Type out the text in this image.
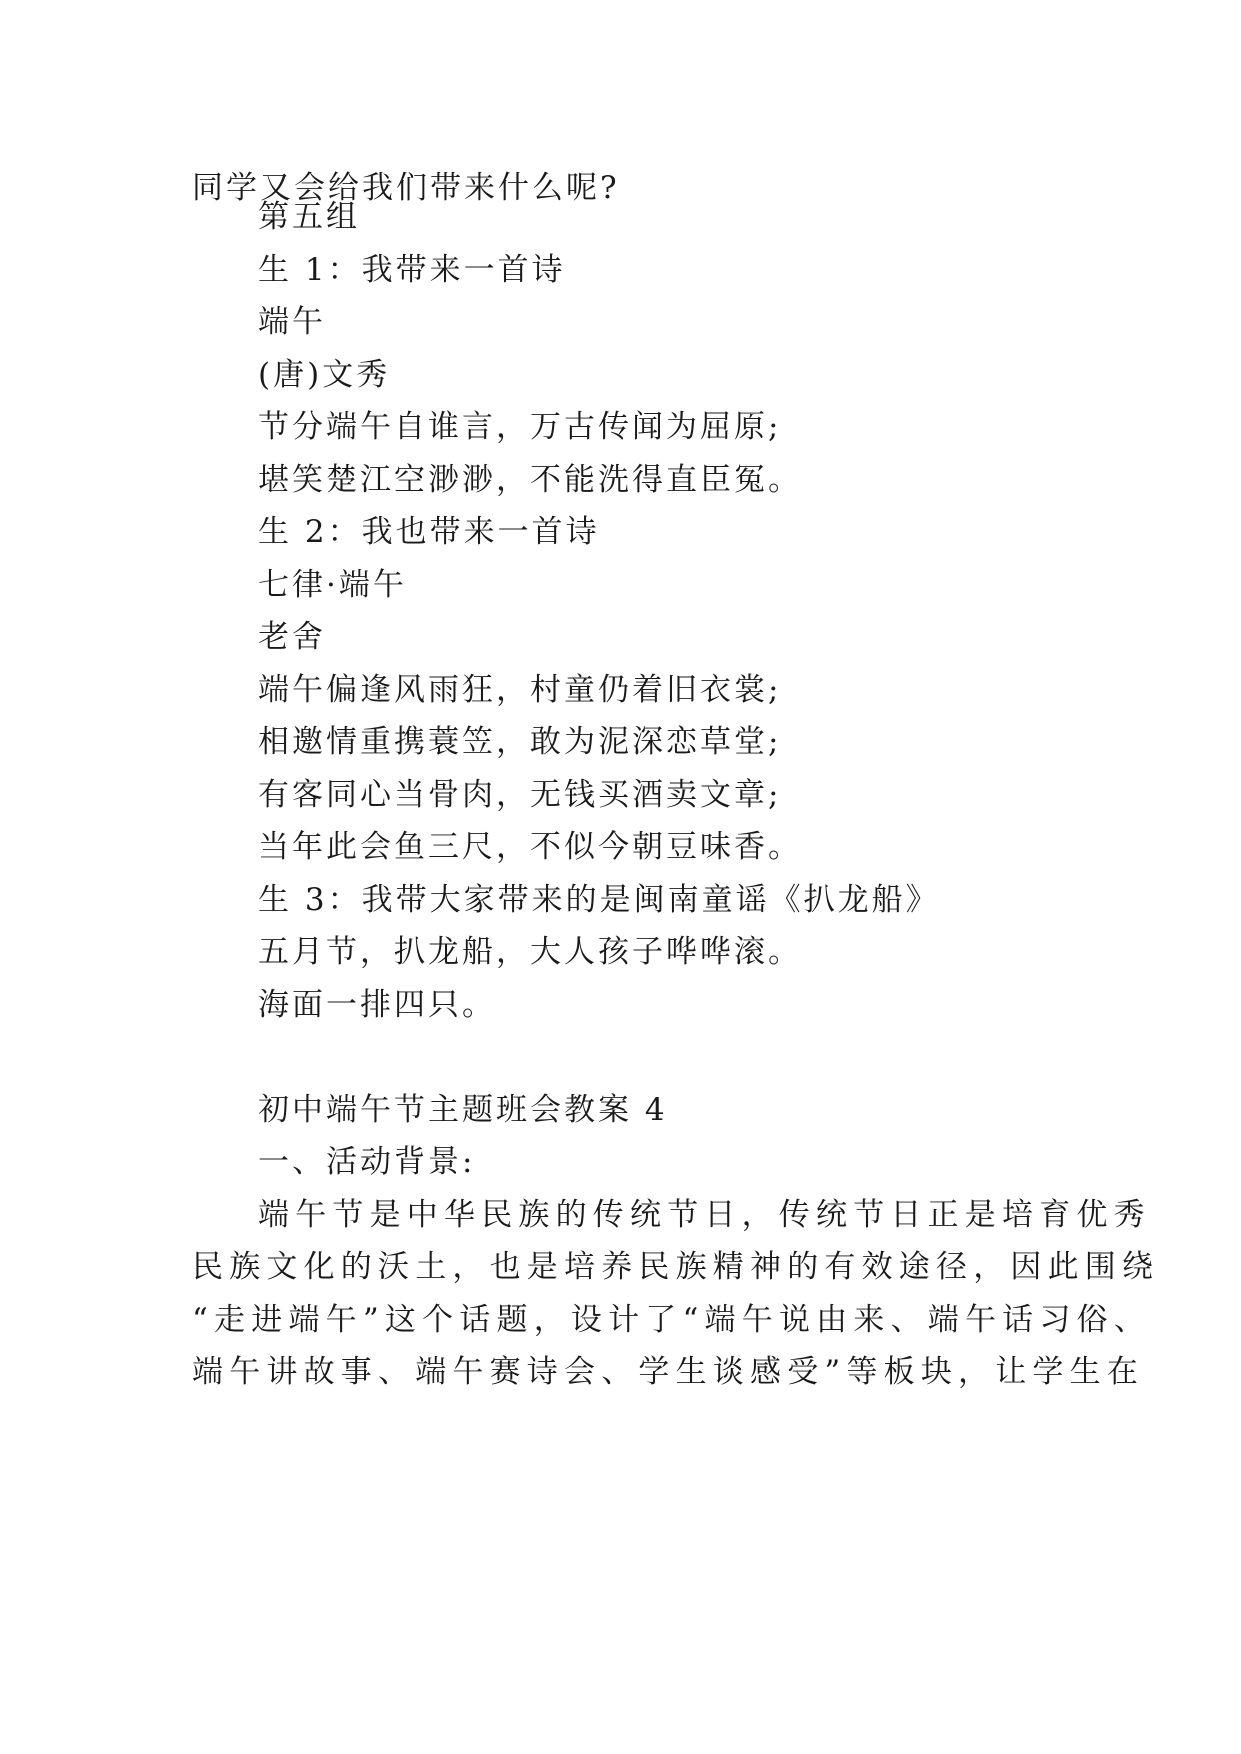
同学又会给我们带来什么呢?
第五组
生 1：我带来一首诗
端午
(唐)文秀
节分端午自谁言，万古传闻为屈原;
堪笑楚江空渺渺，不能洗得直臣冤。
生 2：我也带来一首诗
七律·端午
老舍
端午偏逢风雨狂，村童仍着旧衣裳;
相邀情重携蓑笠，敢为泥深恋草堂;
有客同心当骨肉，无钱买酒卖文章;
当年此会鱼三尺，不似今朝豆味香。
生 3：我带大家带来的是闽南童谣《扒龙船》
五月节，扒龙船，大人孩子哗哗滚。
海面一排四只。
初中端午节主题班会教案 4
一、活动背景:
端午节是中华民族的传统节日，传统节日正是培育优秀
民族文化的沃土，也是培养民族精神的有效途径，因此围绕
“走进端午”这个话题，设计了“端午说由来、端午话习俗、
端午讲故事、端午赛诗会、学生谈感受”等板块，让学生在
